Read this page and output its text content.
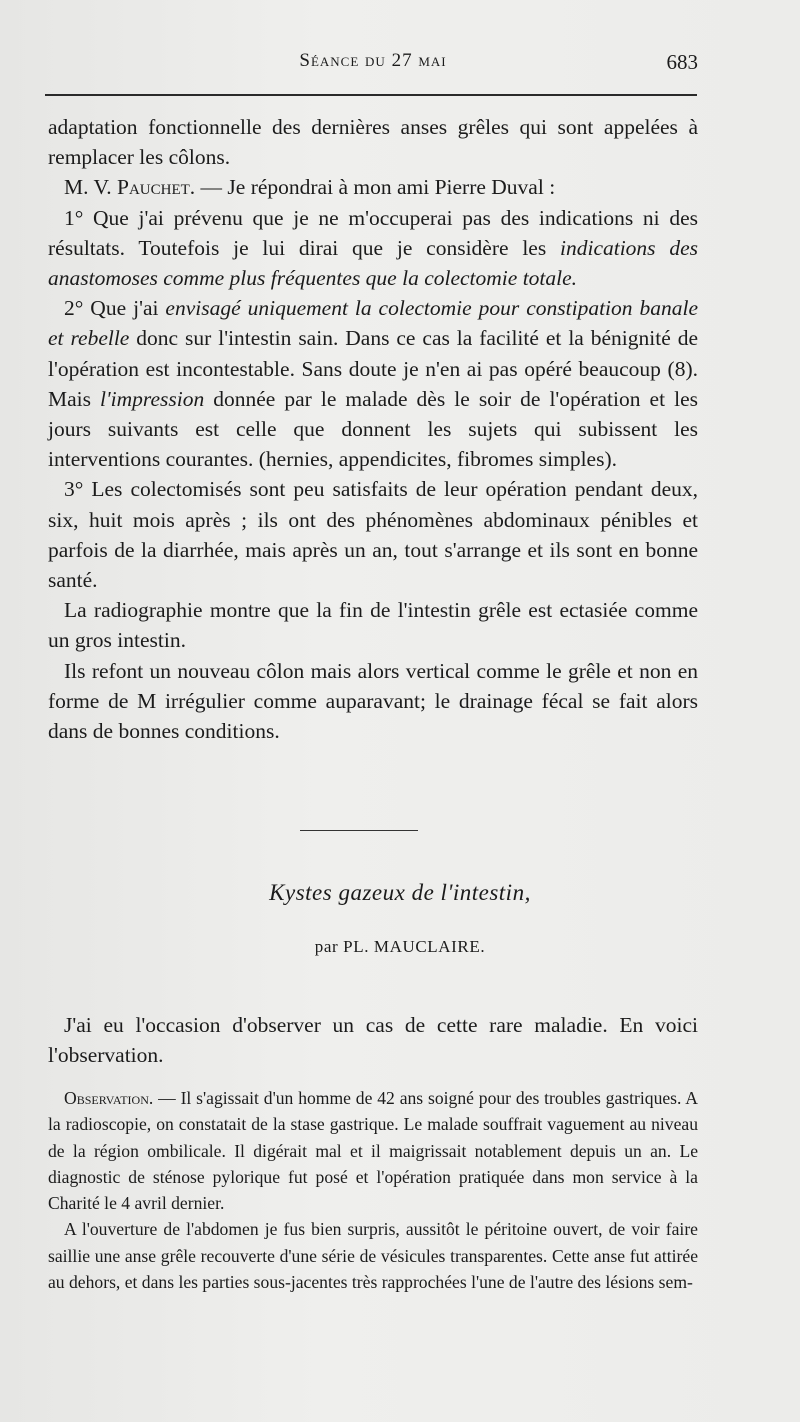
Séance du 27 mai	683

adaptation fonctionnelle des dernières anses grêles qui sont appelées à remplacer les côlons.

M. V. Pauchet. — Je répondrai à mon ami Pierre Duval :

1° Que j'ai prévenu que je ne m'occuperai pas des indications ni des résultats. Toutefois je lui dirai que je considère les indications des anastomoses comme plus fréquentes que la colectomie totale.

2° Que j'ai envisagé uniquement la colectomie pour constipation banale et rebelle donc sur l'intestin sain. Dans ce cas la facilité et la bénignité de l'opération est incontestable. Sans doute je n'en ai pas opéré beaucoup (8). Mais l'impression donnée par le malade dès le soir de l'opération et les jours suivants est celle que donnent les sujets qui subissent les interventions courantes. (hernies, appendicites, fibromes simples).

3° Les colectomisés sont peu satisfaits de leur opération pendant deux, six, huit mois après ; ils ont des phénomènes abdominaux pénibles et parfois de la diarrhée, mais après un an, tout s'arrange et ils sont en bonne santé.

La radiographie montre que la fin de l'intestin grêle est ectasiée comme un gros intestin.

Ils refont un nouveau côlon mais alors vertical comme le grêle et non en forme de M irrégulier comme auparavant; le drainage fécal se fait alors dans de bonnes conditions.

Kystes gazeux de l'intestin,
par PL. MAUCLAIRE.

J'ai eu l'occasion d'observer un cas de cette rare maladie. En voici l'observation.

Observation. — Il s'agissait d'un homme de 42 ans soigné pour des troubles gastriques. A la radioscopie, on constatait de la stase gastrique. Le malade souffrait vaguement au niveau de la région ombilicale. Il digérait mal et il maigrissait notablement depuis un an. Le diagnostic de sténose pylorique fut posé et l'opération pratiquée dans mon service à la Charité le 4 avril dernier.

A l'ouverture de l'abdomen je fus bien surpris, aussitôt le péritoine ouvert, de voir faire saillie une anse grêle recouverte d'une série de vésicules transparentes. Cette anse fut attirée au dehors, et dans les parties sous-jacentes très rapprochées l'une de l'autre des lésions sem-
